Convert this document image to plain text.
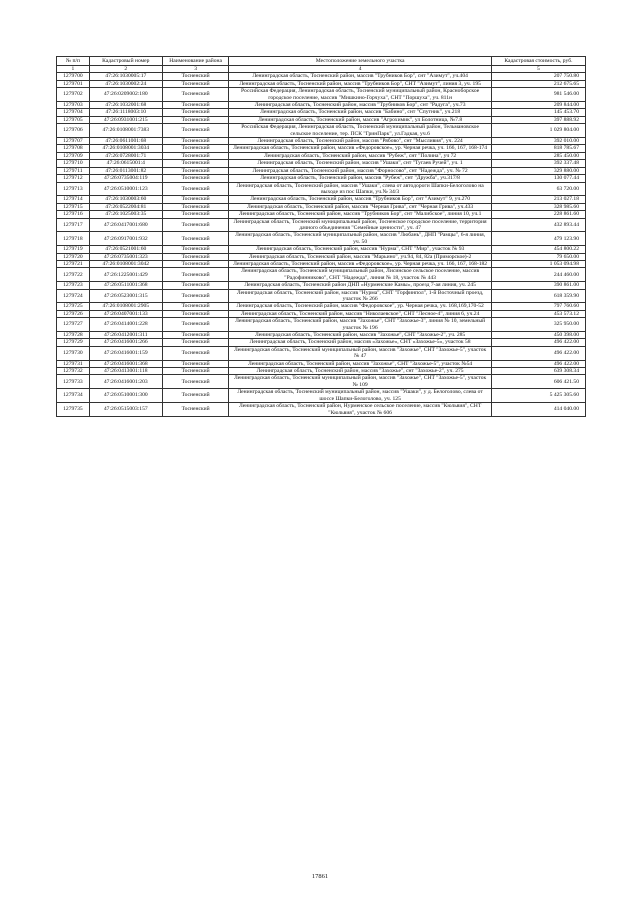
№ п/п	Кадастровый номер	Наименование района	Местоположение земельного участка	Кадастровая стоимость, руб.
1	2	3	4	5
1279700	47:26:1030005:17	Тосненский	Ленинградская область, Тосненский район, массив "Трубников Бор", снт "Азимут", уч.404	207 750.80
1279701	47:26:1030002:24	Тосненский	Ленинградская область, Тосненский район, массив "Трубников Бор", СНТ "Азимут", линия 3, уч. 195	212 675.65
1279702	47:26:0209002:180	Тосненский	Российская Федерация, Ленинградская область, Тосненский муниципальный район, Красноборское городское поселение, массив "Мишкино-Горчуха", СНТ "Поршуха", уч. 811н	981 546.00
1279703	47:26:1032001:68	Тосненский	Ленинградская область, Тосненский район, массив "Трубников Бор", снт "Радуга", уч.73	209 844.00
1279704	47:26:1118003:10	Тосненский	Ленинградская область, Тосненский район, массив "Бабино", снт "Спутник", уч.218	145 453.70
1279705	47:26:0931001:215	Тосненский	Ленинградская область, Тосненский район, массив "Агрохимик", ул Болотница, №7.8	397 888.92
1279706	47:26:0108001:7383	Тосненский	Российская Федерация, Ленинградская область, Тосненский муниципальный район, Тельмановское сельское поселение, тер. ПСК "ГринПарк", ул.Гадкая, уч.6	1 029 804.00
1279707	47:26:0611001:68	Тосненский	Ленинградская область, Тосненский район, массив "Рябово", снт "Мысливия", уч. 224	392 010.00
1279708	47:26:0108001:3034	Тосненский	Ленинградская область, Тосненский район, массив «Федоровское», ур. Черная речка, уч. 166, 167, 168-174	818 785.67
1279709	47:26:0728001:71	Тосненский	Ленинградская область, Тосненский район, массив "Рубеж", снт "Полина", уч 72	285 450.00
1279710	47:26:0615001:4	Тосненский	Ленинградская область, Тосненский район, массив "Ушаки", снт "Тугаев Ручей", уч. 1	392 337.48
1279711	47:26:0113001:82	Тосненский	Ленинградская область, Тосненский район, массив "Форносово", снт "Надежда", уч. № 72	329 880.00
1279712	47:26:0735004:119	Тосненский	Ленинградская область, Тосненский район, массив "Рубеж", снт "Дружба", уч.317/8	130 077.44
1279713	47:26:0510001:123	Тосненский	Ленинградская область, Тосненский район, массив "Ушаки", слева от автодороги Шапки-Белоголово на выходе из пос Шапки, уч.№ 34/3	63 720.00
1279714	47:26:1030003:60	Тосненский	Ленинградская область, Тосненский район, массив "Трубников Бор", снт "Азимут" 9, уч.270	213 027.18
1279715	47:26:0522004:81	Тосненский	Ленинградская область, Тосненский район, массив "Черная Грива", снт "Черная Грива", уч.433	328 985.60
1279716	47:26:1025003:35	Тосненский	Ленинградская область, Тосненский район, массив "Трубников Бор", снт "Малибское", линия 10, уч.1	228 861.60
1279717	47:26:0417001:680	Тосненский	Ленинградская область, Тосненский муниципальный район, Тосненское городское поселение, территория дачного объединения "Семейные ценности", уч. 47	432 893.44
1279718	47:26:0917001:932	Тосненский	Ленинградская область, Тосненский муниципальный район, массив "Любань", ДНП "Рамцы", 6-я линия, уч. 50	479 123.90
1279719	47:26:0521001:60	Тосненский	Ленинградская область, Тосненский район, массив "Нурма", СНТ "Мир", участок № 93	454 800.22
1279720	47:26:0735001:323	Тосненский	Ленинградская область, Тосненский район, массив "Марьино", уч.94, 84, 82а (Приморское)-2	79 650.00
1279721	47:26:0108001:3042	Тосненский	Ленинградская область, Тосненский район, массив «Федоровское», ур. Черная речка, уч. 166, 167, 168-182	1 053 094.98
1279722	47:26:1225001:429	Тосненский	Ленинградская область, Тосненский муниципальный район, Лисинское сельское поселение, массив "Радофинниково", СНТ "Надежда", линия № 18, участок № 443	244 460.00
1279723	47:26:0511001:368	Тосненский	Ленинградская область, Тосненский район ДНП «Нурменские Камы», проезд 7-ая линия, уч. 245	390 861.00
1279724	47:26:0523001:315	Тосненский	Ленинградская область, Тосненский район, массив "Нурма", СНТ "Горфинпол", 1-й Восточный проезд, участок № 266	618 359.90
1279725	47:26:0108001:2905	Тосненский	Ленинградская область, Тосненский район, массив "Федоровское", ур. Черная речка, уч. 168,169,170-52	797 760.60
1279726	47:26:0407001:133	Тосненский	Ленинградская область, Тосненский район, массив "Николаевское", СНТ "Лесное-4", линия 6, уч.24	453 573.12
1279727	47:26:0414001:228	Тосненский	Ленинградская область, Тосненский район, массив "Захожье", СНТ "Захожье-3", линия № 10, земельный участок № 196	325 950.00
1279728	47:26:0412001:311	Тосненский	Ленинградская область, Тосненский район, массив "Захожье", СНТ "Захожье-2", уч. 285	450 398.00
1279729	47:26:0416001:266	Тосненский	Ленинградская область, Тосненский район, массив «Захожье», СНТ «Захожье-5», участок 58	496 422.00
1279730	47:26:0416001:159	Тосненский	Ленинградская область, Тосненский муниципальный район, массив "Захожье", СНТ "Захожье-5", участок № 47	496 422.00
1279731	47:26:0416001:368	Тосненский	Ленинградская область, Тосненский район, массив "Захожье", СНТ "Захожье-5", участок №54	496 422.00
1279732	47:26:0413001:118	Тосненский	Ленинградская область, Тосненский район, массив "Захожье", снт "Захожье-2", уч. 275	639 308.34
1279733	47:26:0416001:203	Тосненский	Ленинградская область, Тосненский муниципальный район, массив "Захожье", СНТ "Захожье-5", участок № 109	606 421.50
1279734	47:26:0510001:300	Тосненский	Ленинградская область, Тосненский муниципальный район, массив "Ушаки", у д. Белоголово, слева от шоссе Шапки-Белоголово, уч. 125	5 425 305.60
1279735	47:26:0515003:157	Тосненский	Ленинградская область, Тосненский район, Нурменское сельское поселение, массив "Кюльвия", СНТ "Кюльвия", участок № 606	414 040.00
17861
